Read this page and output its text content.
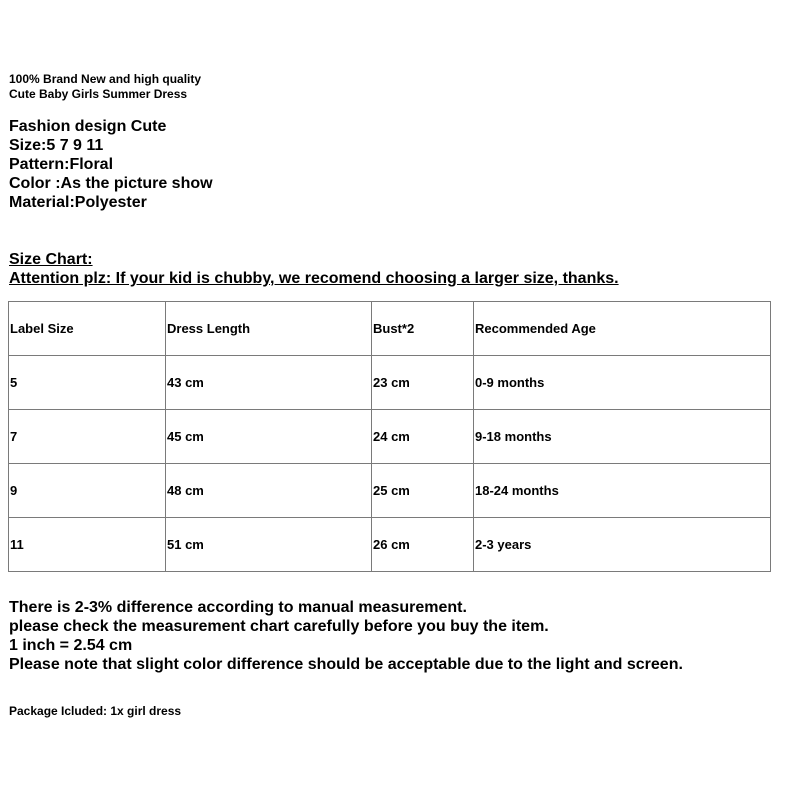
100% Brand New and high quality
Cute Baby Girls Summer Dress
Fashion design Cute
Size:5 7 9 11
Pattern:Floral
Color :As the picture show
Material:Polyester
Size Chart:
Attention plz: If your kid is chubby, we recomend choosing a larger size, thanks.
Label Size	Dress Length	Bust*2	Recommended Age
5	43 cm	23 cm	0-9 months
7	45 cm	24 cm	9-18 months
9	48 cm	25 cm	18-24 months
11	51 cm	26 cm	2-3 years
There is 2-3% difference according to manual measurement.
please check the measurement chart carefully before you buy the item.
1 inch = 2.54 cm
Please note that slight color difference should be acceptable due to the light and screen.
Package Icluded: 1x girl dress
